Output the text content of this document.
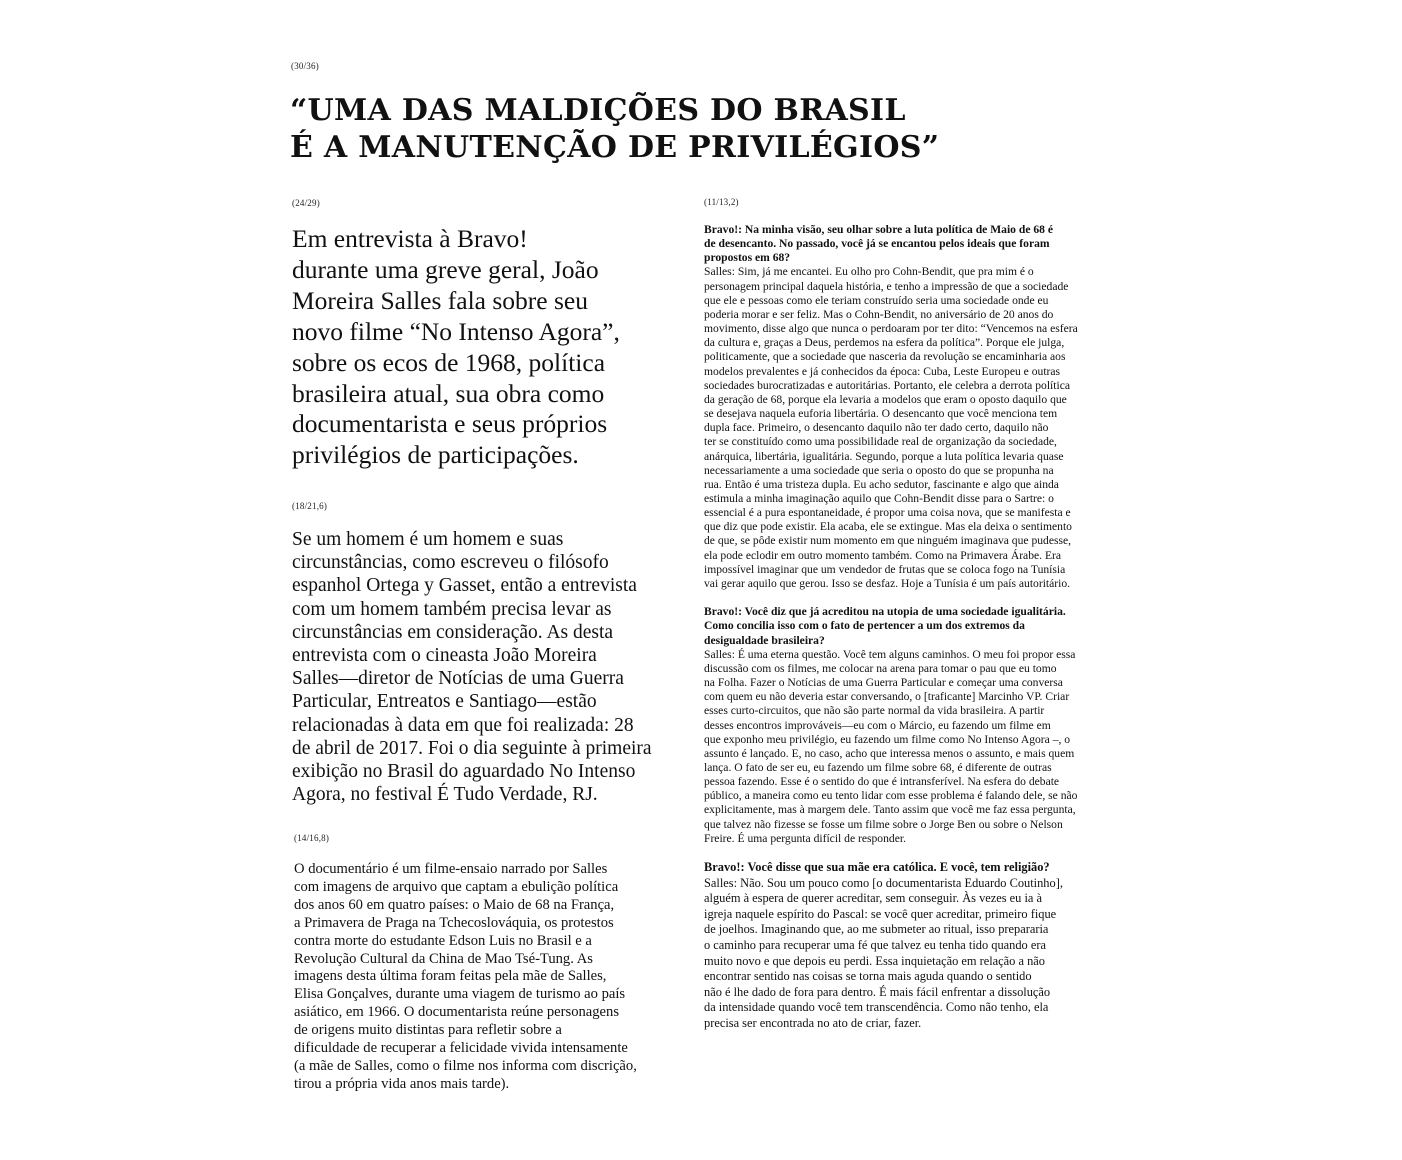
(30/36)
“UMA DAS MALDIÇÕES DO BRASIL
É A MANUTENÇÃO DE PRIVILÉGIOS”
(24/29)

Em entrevista à Bravo!
durante uma greve geral, João
Moreira Salles fala sobre seu
novo filme “No Intenso Agora”,
sobre os ecos de 1968, política
brasileira atual, sua obra como
documentarista e seus próprios
privilégios de participações.

(18/21,6)

Se um homem é um homem e suas
circunstâncias, como escreveu o filósofo
espanhol Ortega y Gasset, então a entrevista
com um homem também precisa levar as
circunstâncias em consideração. As desta
entrevista com o cineasta João Moreira
Salles—diretor de Notícias de uma Guerra
Particular, Entreatos e Santiago—estão
relacionadas à data em que foi realizada: 28
de abril de 2017. Foi o dia seguinte à primeira
exibição no Brasil do aguardado No Intenso
Agora, no festival É Tudo Verdade, RJ.

(14/16,8)

O documentário é um filme-ensaio narrado por Salles
com imagens de arquivo que captam a ebulição política
dos anos 60 em quatro países: o Maio de 68 na França,
a Primavera de Praga na Tchecoslováquia, os protestos
contra morte do estudante Edson Luis no Brasil e a
Revolução Cultural da China de Mao Tsé-Tung. As
imagens desta última foram feitas pela mãe de Salles,
Elisa Gonçalves, durante uma viagem de turismo ao país
asiático, em 1966. O documentarista reúne personagens
de origens muito distintas para refletir sobre a
dificuldade de recuperar a felicidade vivida intensamente
(a mãe de Salles, como o filme nos informa com discrição,
tirou a própria vida anos mais tarde).

(11/13,2)
Bravo!: Na minha visão, seu olhar sobre a luta política de Maio de 68 é
de desencanto. No passado, você já se encantou pelos ideais que foram
propostos em 68?
Salles: Sim, já me encantei. Eu olho pro Cohn-Bendit, que pra mim é o
personagem principal daquela história, e tenho a impressão de que a sociedade
que ele e pessoas como ele teriam construído seria uma sociedade onde eu
poderia morar e ser feliz. Mas o Cohn-Bendit, no aniversário de 20 anos do
movimento, disse algo que nunca o perdoaram por ter dito: “Vencemos na esfera
da cultura e, graças a Deus, perdemos na esfera da política”. Porque ele julga,
politicamente, que a sociedade que nasceria da revolução se encaminharia aos
modelos prevalentes e já conhecidos da época: Cuba, Leste Europeu e outras
sociedades burocratizadas e autoritárias. Portanto, ele celebra a derrota política
da geração de 68, porque ela levaria a modelos que eram o oposto daquilo que
se desejava naquela euforia libertária. O desencanto que você menciona tem
dupla face. Primeiro, o desencanto daquilo não ter dado certo, daquilo não
ter se constituído como uma possibilidade real de organização da sociedade,
anárquica, libertária, igualitária. Segundo, porque a luta política levaria quase
necessariamente a uma sociedade que seria o oposto do que se propunha na
rua. Então é uma tristeza dupla. Eu acho sedutor, fascinante e algo que ainda
estimula a minha imaginação aquilo que Cohn-Bendit disse para o Sartre: o
essencial é a pura espontaneidade, é propor uma coisa nova, que se manifesta e
que diz que pode existir. Ela acaba, ele se extingue. Mas ela deixa o sentimento
de que, se pôde existir num momento em que ninguém imaginava que pudesse,
ela pode eclodir em outro momento também. Como na Primavera Árabe. Era
impossível imaginar que um vendedor de frutas que se coloca fogo na Tunísia
vai gerar aquilo que gerou. Isso se desfaz. Hoje a Tunísia é um país autoritário.
Bravo!: Você diz que já acreditou na utopia de uma sociedade igualitária.
Como concilia isso com o fato de pertencer a um dos extremos da
desigualdade brasileira?
Salles: É uma eterna questão. Você tem alguns caminhos. O meu foi propor essa
discussão com os filmes, me colocar na arena para tomar o pau que eu tomo
na Folha. Fazer o Notícias de uma Guerra Particular e começar uma conversa
com quem eu não deveria estar conversando, o [traficante] Marcinho VP. Criar
esses curto-circuitos, que não são parte normal da vida brasileira. A partir
desses encontros improváveis—eu com o Márcio, eu fazendo um filme em
que exponho meu privilégio, eu fazendo um filme como No Intenso Agora –, o
assunto é lançado. E, no caso, acho que interessa menos o assunto, e mais quem
lança. O fato de ser eu, eu fazendo um filme sobre 68, é diferente de outras
pessoa fazendo. Esse é o sentido do que é intransferível. Na esfera do debate
público, a maneira como eu tento lidar com esse problema é falando dele, se não
explicitamente, mas à margem dele. Tanto assim que você me faz essa pergunta,
que talvez não fizesse se fosse um filme sobre o Jorge Ben ou sobre o Nelson
Freire. É uma pergunta difícil de responder.
Bravo!: Você disse que sua mãe era católica. E você, tem religião?
Salles: Não. Sou um pouco como [o documentarista Eduardo Coutinho],
alguém à espera de querer acreditar, sem conseguir. Às vezes eu ia à
igreja naquele espírito do Pascal: se você quer acreditar, primeiro fique
de joelhos. Imaginando que, ao me submeter ao ritual, isso prepararia
o caminho para recuperar uma fé que talvez eu tenha tido quando era
muito novo e que depois eu perdi. Essa inquietação em relação a não
encontrar sentido nas coisas se torna mais aguda quando o sentido
não é lhe dado de fora para dentro. É mais fácil enfrentar a dissolução
da intensidade quando você tem transcendência. Como não tenho, ela
precisa ser encontrada no ato de criar, fazer.
